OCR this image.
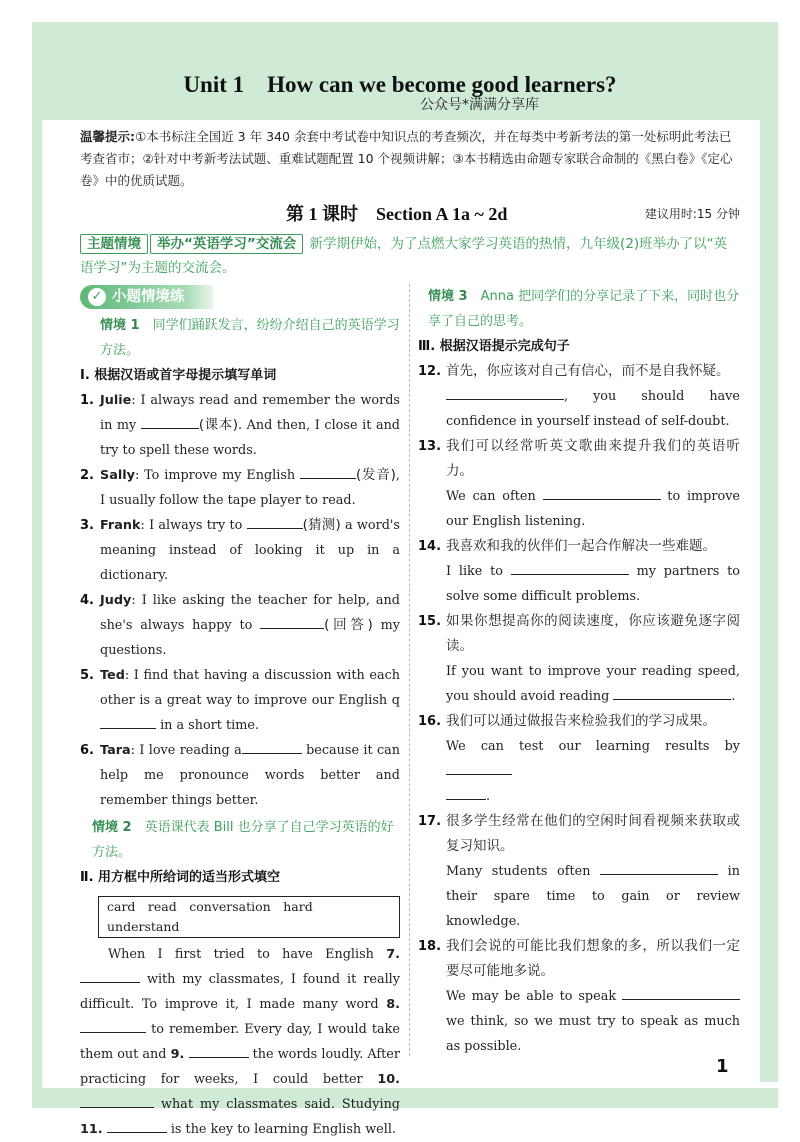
Unit 1　How can we become good learners?
公众号*满满分享库
温馨提示:①本书标注全国近 3 年 340 余套中考试卷中知识点的考查频次，并在每类中考新考法的第一处标明此考法已考查省市；②针对中考新考法试题、重难试题配置 10 个视频讲解；③本书精选由命题专家联合命制的《黑白卷》《定心卷》中的优质试题。
第 1 课时　Section A 1a ~ 2d	建议用时:15 分钟
主题情境 举办“英语学习”交流会 新学期伊始，为了点燃大家学习英语的热情，九年级(2)班举办了以“英语学习”为主题的交流会。
✓ 小题情境练
情境 1　 同学们踊跃发言，纷纷介绍自己的英语学习方法。
Ⅰ. 根据汉语或首字母提示填写单词
1. Julie: I always read and remember the words in my	(课本). And then, I close it and try to spell these words.
2. Sally: To improve my English	(发音), I usually follow the tape player to read.
3. Frank: I always try to	(猜测) a word's meaning instead of looking it up in a dictionary.
4. Judy: I like asking the teacher for help, and she's always happy to	(回答) my questions.
5. Ted: I find that having a discussion with each other is a great way to improve our English q in a short time.
6. Tara: I love reading a	because it can help me pronounce words better and remember things better.
情境 2　 英语课代表 Bill 也分享了自己学习英语的好方法。
Ⅱ. 用方框中所给词的适当形式填空
card　read　conversation　hard　understand
When I first tried to have English 7.  with my classmates, I found it really difficult. To improve it, I made many word 8.  to remember. Every day, I would take them out and 9.	the words loudly. After practicing for weeks, I could better 10.  what my classmates said. Studying 11.	is the key to learning English well.
情境 3　 Anna 把同学们的分享记录了下来，同时也分享了自己的思考。
Ⅲ. 根据汉语提示完成句子
12. 首先，你应该对自己有信心，而不是自我怀疑。
, you should have confidence in yourself instead of self-doubt.
13. 我们可以经常听英文歌曲来提升我们的英语听力。
We can often	to improve our English listening.
14. 我喜欢和我的伙伴们一起合作解决一些难题。
I like to	my partners to solve some difficult problems.
15. 如果你想提高你的阅读速度，你应该避免逐字阅读。
If you want to improve your reading speed, you should avoid reading	.
16. 我们可以通过做报告来检验我们的学习成果。
We can test our learning results by
.
17. 很多学生经常在他们的空闲时间看视频来获取或复习知识。
Many students often	in their spare time to gain or review knowledge.
18. 我们会说的可能比我们想象的多，所以我们一定要尽可能地多说。
We may be able to speak  we think, so we must try to speak as much as possible.
1
